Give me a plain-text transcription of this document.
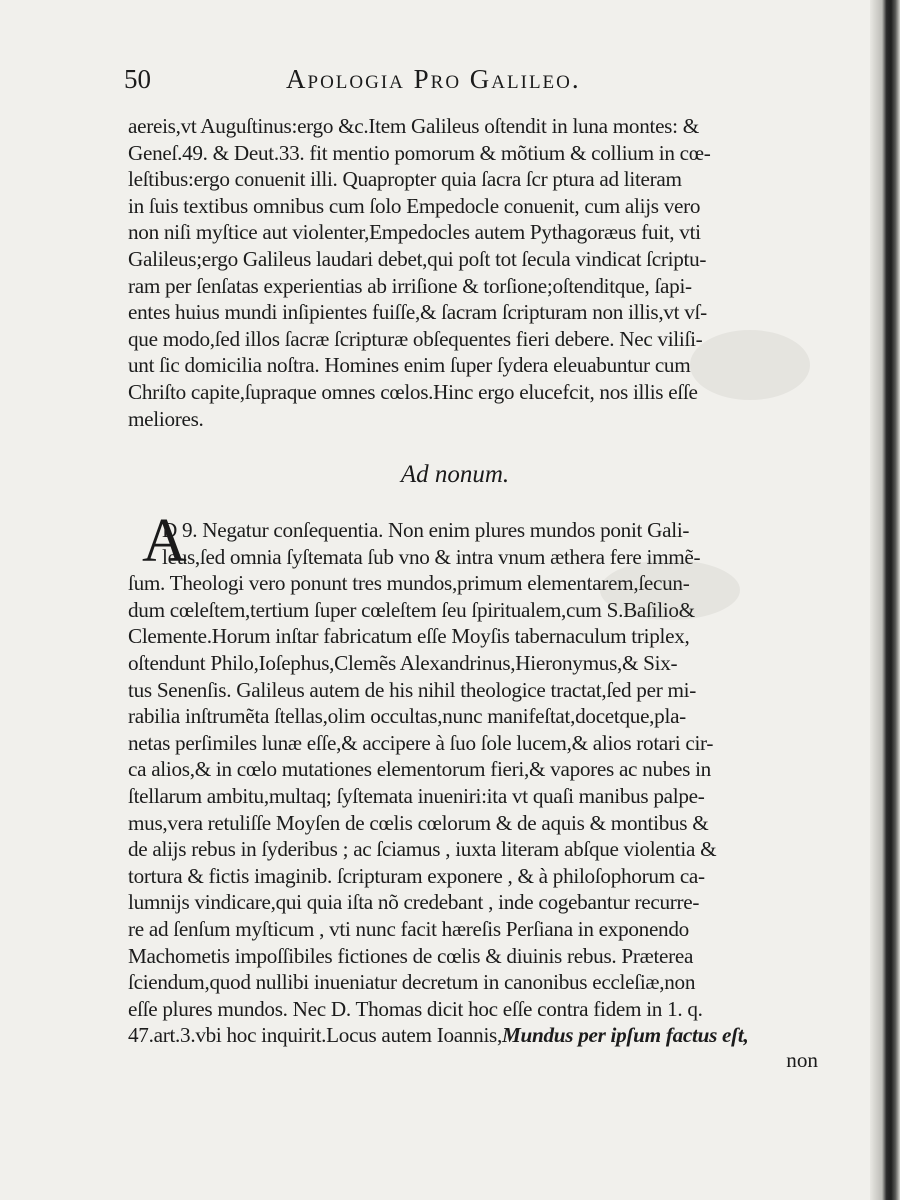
50	Apologia Pro Galileo.
aereis,vt Auguſtinus:ergo &c.Item Galileus oſtendit in luna montes: &
Geneſ.49. & Deut.33. fit mentio pomorum & mõtium & collium in cœ-
leſtibus:ergo conuenit illi. Quapropter quia ſacra ſcr ptura ad literam
in ſuis textibus omnibus cum ſolo Empedocle conuenit, cum alijs vero
non niſi myſtice aut violenter,Empedocles autem Pythagoræus fuit, vti
Galileus;ergo Galileus laudari debet,qui poſt tot ſecula vindicat ſcriptu-
ram per ſenſatas experientias ab irriſione & torſione;oſtenditque, ſapi-
entes huius mundi inſipientes fuiſſe,& ſacram ſcripturam non illis,vt vſ-
que modo,ſed illos ſacræ ſcripturæ obſequentes fieri debere. Nec viliſi-
unt ſic domicilia noſtra. Homines enim ſuper ſydera eleuabuntur cum
Chriſto capite,ſupraque omnes cœlos.Hinc ergo elucefcit, nos illis eſſe
meliores.
Ad nonum.
A
D 9. Negatur conſequentia. Non enim plures mundos ponit Gali-
leus,ſed omnia ſyſtemata ſub vno & intra vnum æthera fere immẽ-
ſum. Theologi vero ponunt tres mundos,primum elementarem,ſecun-
dum cœleſtem,tertium ſuper cœleſtem ſeu ſpiritualem,cum S.Baſilio&
Clemente.Horum inſtar fabricatum eſſe Moyſis tabernaculum triplex,
oſtendunt Philo,Ioſephus,Clemẽs Alexandrinus,Hieronymus,& Six-
tus Senenſis. Galileus autem de his nihil theologice tractat,ſed per mi-
rabilia inſtrumẽta ſtellas,olim occultas,nunc manifeſtat,docetque,pla-
netas perſimiles lunæ eſſe,& accipere à ſuo ſole lucem,& alios rotari cir-
ca alios,& in cœlo mutationes elementorum fieri,& vapores ac nubes in
ſtellarum ambitu,multaq; ſyſtemata inueniri:ita vt quaſi manibus palpe-
mus,vera retuliſſe Moyſen de cœlis cœlorum & de aquis & montibus &
de alijs rebus in ſyderibus ; ac ſciamus , iuxta literam abſque violentia &
tortura & fictis imaginib. ſcripturam exponere , & à philoſophorum ca-
lumnijs vindicare,qui quia iſta nõ credebant , inde cogebantur recurre-
re ad ſenſum myſticum , vti nunc facit hæreſis Perſiana in exponendo
Machometis impoſſibiles fictiones de cœlis & diuinis rebus. Præterea
ſciendum,quod nullibi inueniatur decretum in canonibus eccleſiæ,non
eſſe plures mundos. Nec D. Thomas dicit hoc eſſe contra fidem in 1. q.
47.art.3.vbi hoc inquirit.Locus autem Ioannis,Mundus per ipſum factus eſt,
non
